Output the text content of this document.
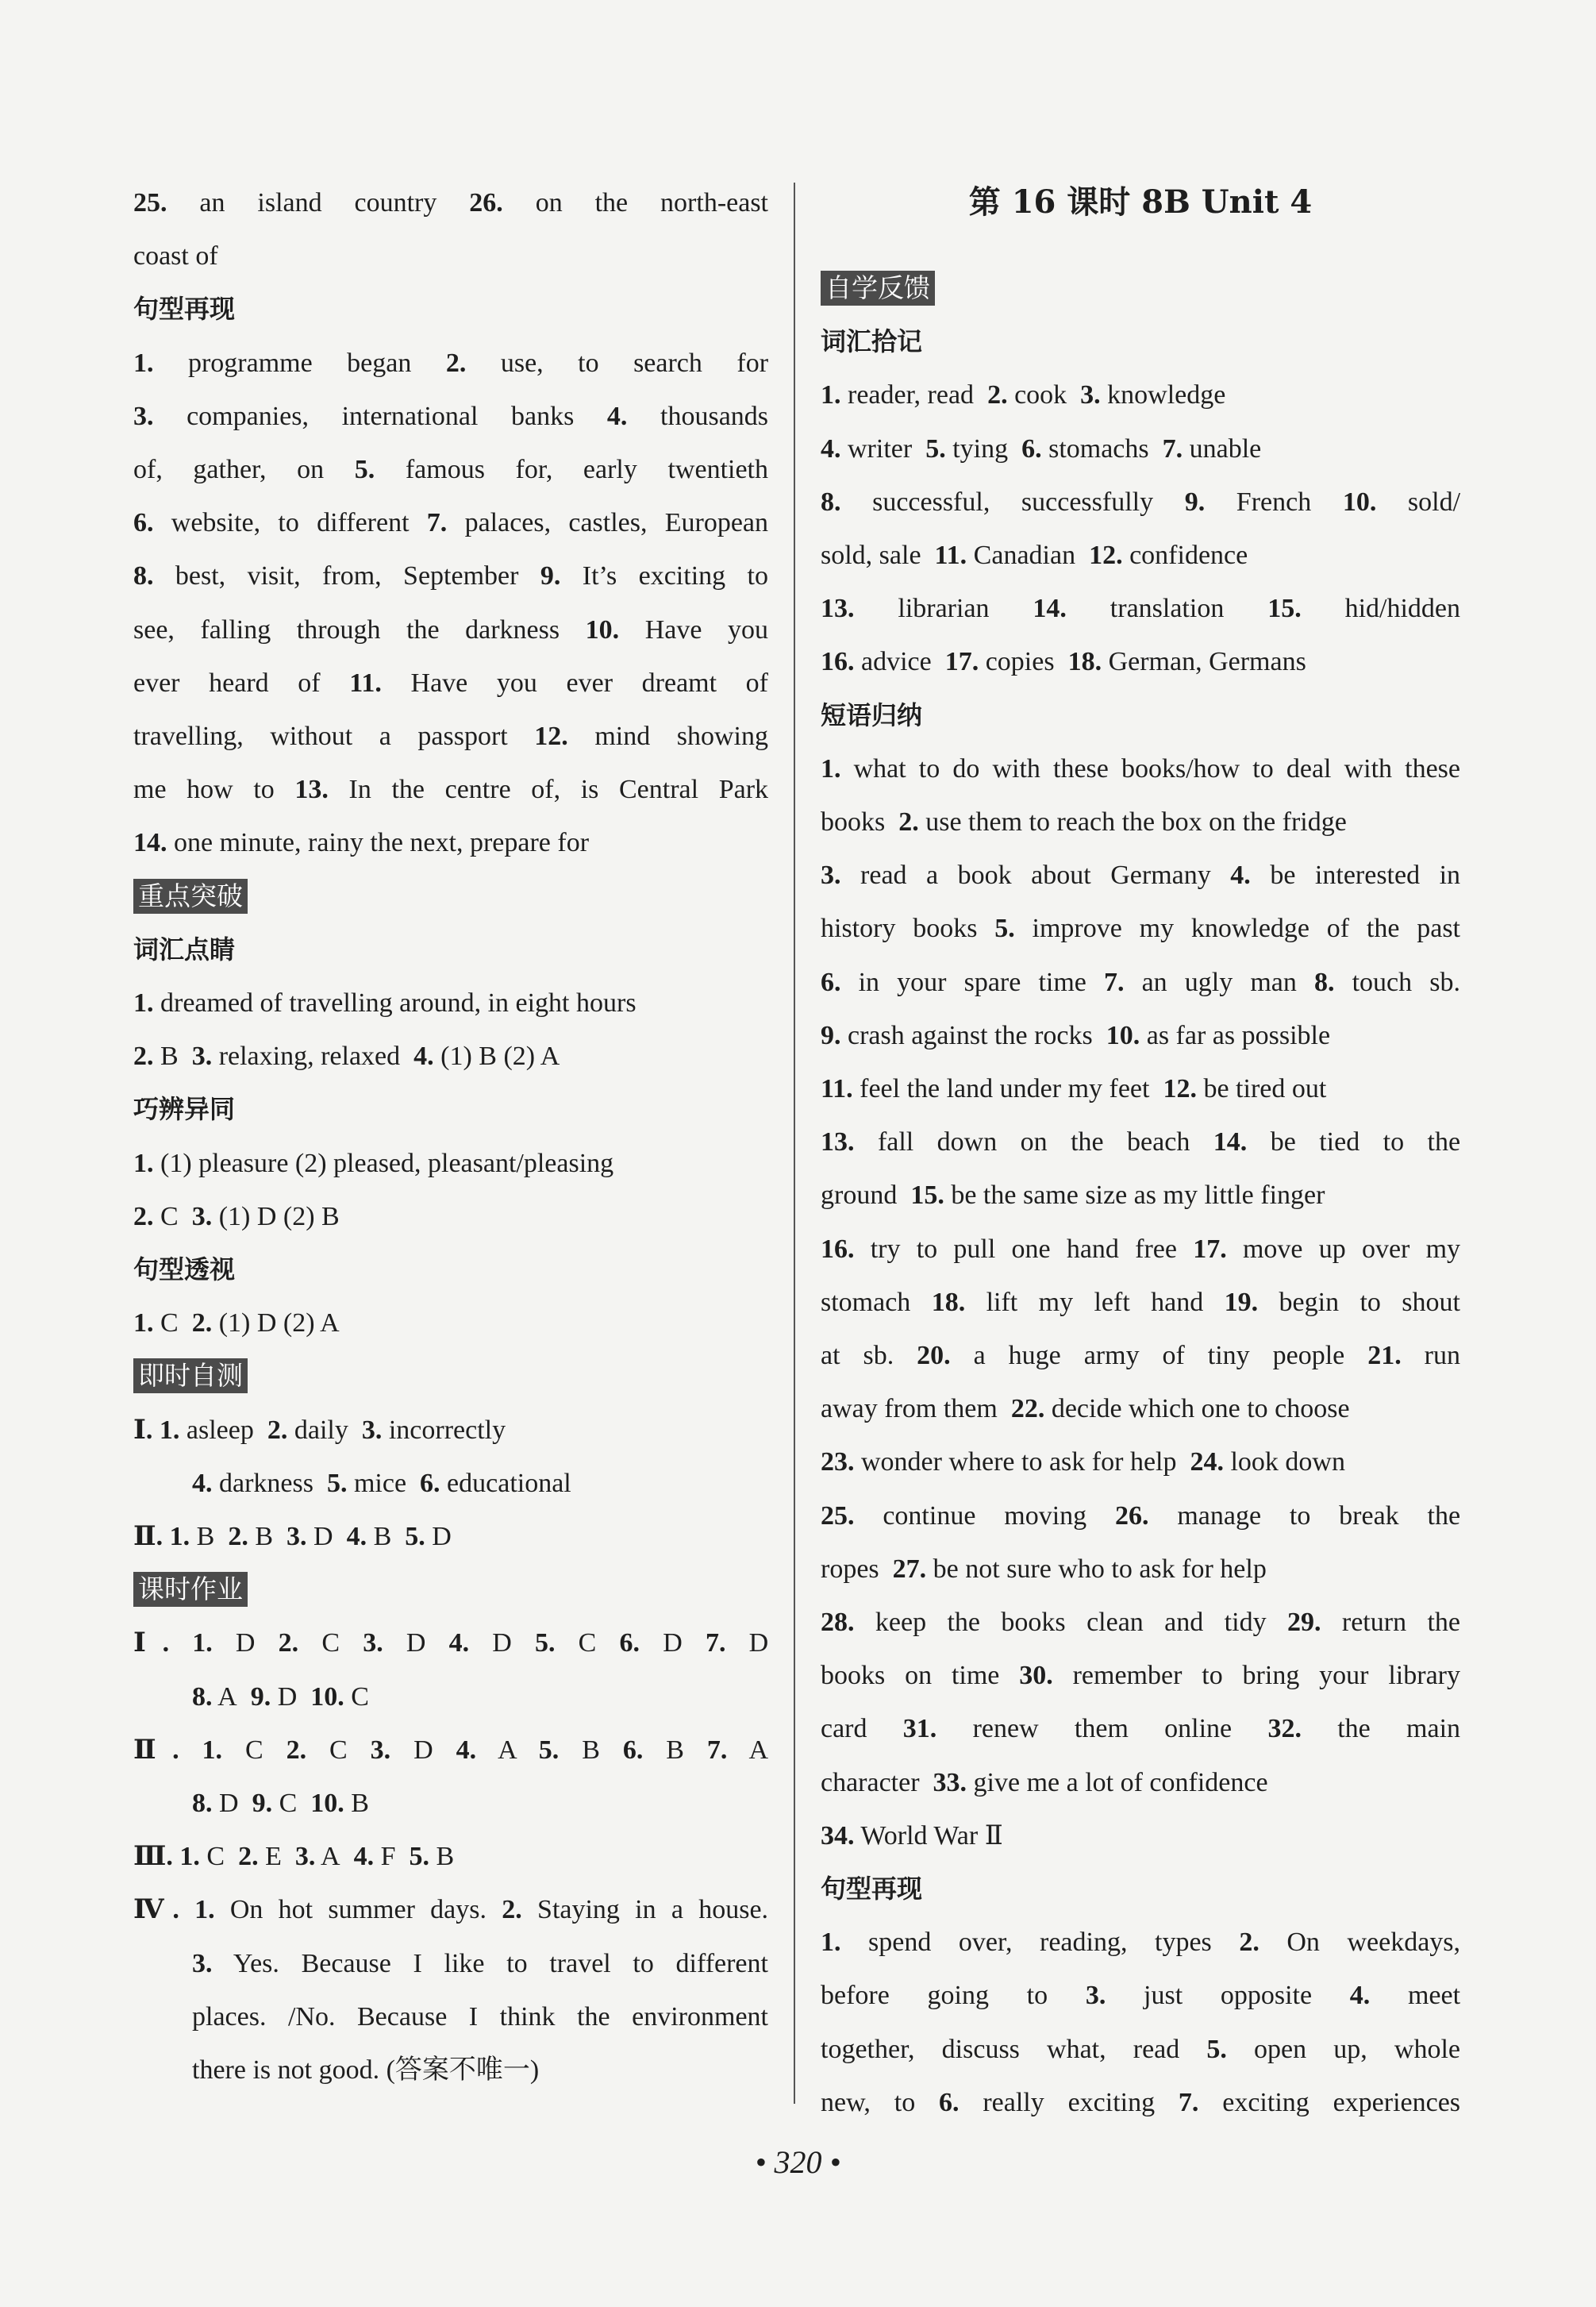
25. an island country 26. on the north-east
coast of
句型再现
1. programme began 2. use, to search for
3. companies, international banks 4. thousands
of, gather, on 5. famous for, early twentieth
6. website, to different 7. palaces, castles, European
8. best, visit, from, September 9. It’s exciting to
see, falling through the darkness 10. Have you
ever heard of 11. Have you ever dreamt of
travelling, without a passport 12. mind showing
me how to 13. In the centre of, is Central Park
14. one minute, rainy the next, prepare for
重点突破
词汇点睛
1. dreamed of travelling around, in eight hours
2. B 3. relaxing, relaxed 4. (1) B (2) A
巧辨异同
1. (1) pleasure (2) pleased, pleasant/pleasing
2. C 3. (1) D (2) B
句型透视
1. C 2. (1) D (2) A
即时自测
Ⅰ. 1. asleep 2. daily 3. incorrectly
4. darkness 5. mice 6. educational
Ⅱ. 1. B 2. B 3. D 4. B 5. D
课时作业
Ⅰ. 1. D 2. C 3. D 4. D 5. C 6. D 7. D
8. A 9. D 10. C
Ⅱ. 1. C 2. C 3. D 4. A 5. B 6. B 7. A
8. D 9. C 10. B
Ⅲ. 1. C 2. E 3. A 4. F 5. B
Ⅳ. 1. On hot summer days. 2. Staying in a house.
3. Yes. Because I like to travel to different
places. /No. Because I think the environment
there is not good. (答案不唯一)
第 16 课时 8B Unit 4
自学反馈
词汇拾记
1. reader, read 2. cook 3. knowledge
4. writer 5. tying 6. stomachs 7. unable
8. successful, successfully 9. French 10. sold/
sold, sale 11. Canadian 12. confidence
13. librarian 14. translation 15. hid/hidden
16. advice 17. copies 18. German, Germans
短语归纳
1. what to do with these books/how to deal with these
books 2. use them to reach the box on the fridge
3. read a book about Germany 4. be interested in
history books 5. improve my knowledge of the past
6. in your spare time 7. an ugly man 8. touch sb.
9. crash against the rocks 10. as far as possible
11. feel the land under my feet 12. be tired out
13. fall down on the beach 14. be tied to the
ground 15. be the same size as my little finger
16. try to pull one hand free 17. move up over my
stomach 18. lift my left hand 19. begin to shout
at sb. 20. a huge army of tiny people 21. run
away from them 22. decide which one to choose
23. wonder where to ask for help 24. look down
25. continue moving 26. manage to break the
ropes 27. be not sure who to ask for help
28. keep the books clean and tidy 29. return the
books on time 30. remember to bring your library
card 31. renew them online 32. the main
character 33. give me a lot of confidence
34. World War Ⅱ
句型再现
1. spend over, reading, types 2. On weekdays,
before going to 3. just opposite 4. meet
together, discuss what, read 5. open up, whole
new, to 6. really exciting 7. exciting experiences
• 320 •
